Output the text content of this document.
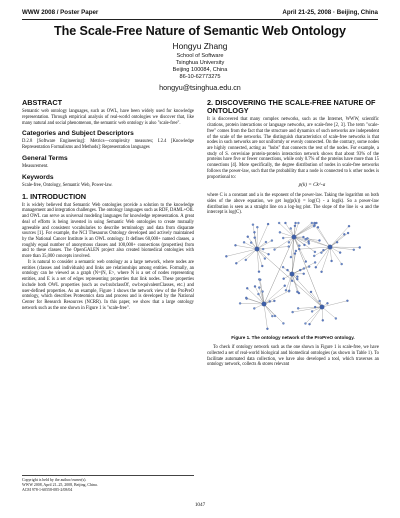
WWW 2008 / Poster Paper	April 21-25, 2008 · Beijing, China
The Scale-Free Nature of Semantic Web Ontology
Hongyu Zhang
School of Software
Tsinghua University
Beijing 100084, China
86-10-62773275
hongyu@tsinghua.edu.cn
ABSTRACT

Semantic web ontology languages, such as OWL, have been widely used for knowledge representation. Through empirical analysis of real-world ontologies we discover that, like many natural and social phenomenon, the semantic web ontology is also "scale-free".

Categories and Subject Descriptors

D.2.8 [Software Engineering]: Metrics—complexity measures; I.2.4 [Knowledge Representation Formalisms and Methods]: Representation languages

General Terms

Measurement.

Keywords

Scale-free, Ontology, Semantic Web, Power-law.

1. INTRODUCTION

It is widely believed that Semantic Web ontologies provide a solution to the knowledge management and integration challenges. The ontology languages such as RDF, DAML+OIL and OWL can serve as universal modeling languages for knowledge representation. A great deal of efforts is being invested in using Semantic Web ontologies to create mutually agreeable and consistent vocabularies to describe terminology and data from disparate sources [1]. For example, the NCI Thesaurus Ontology developed and actively maintained by the National Cancer Institute is an OWL ontology. It defines 60,000+ named classes, a roughly equal number of anonymous classes and 100,000+ connections (properties) from and to these classes. The OpenGALEN project also created biomedical ontologies with more than 35,000 concepts involved.

It is natural to consider a semantic web ontology as a large network, where nodes are entities (classes and individuals) and links are relationships among entities. Formally, an ontology can be viewed as a graph (N=(N, E>, where N is a set of nodes representing entities, and E is a set of edges representing properties that link nodes. These properties include both OWL properties (such as owl:subclassOf, owl:equivalentClasses, etc.) and user-defined properties. As an example, Figure 1 shows the network view of the ProPreO ontology, which describes Proteomics data and process and is developed by the National Center for Research Resources (NCRR). In this paper, we show that a large ontology network such as the one shown in Figure 1 is "scale-free".

Copyright is held by the author/owner(s).

WWW 2008, April 21–25, 2008, Beijing, China.

ACM 978-1-60558-085-2/08/04

2. DISCOVERING THE SCALE-FREE NATURE OF ONTOLOGY

It is discovered that many complex networks, such as the Internet, WWW, scientific citations, protein interactions or language networks, are scale-free [2, 3]. The term "scale-free" comes from the fact that the structure and dynamics of such networks are independent of the scale of the networks. The distinguish characteristics of scale-free networks is that nodes in such networks are not uniformly or evenly connected. On the contrary, some nodes are highly connected, acting as "hubs" that connects the rest of the nodes. For example, a study of S. cerevisiae protein-protein interaction network shows that about 93% of the proteins have five or fewer connections, while only 0.7% of the proteins have more than 15 connections [4]. More specifically, the degree distribution of nodes in scale-free networks follows the power-law, such that the probability that a node is connected to k other nodes is proportional to:

p(k) = Ck^-a

where C is a constant and a is the exponent of the power-law. Taking the logarithm on both sides of the above equation, we get log(p(k)) = log(C) - a log(k). So a power-law distribution is seen as a straight line on a log-log plot. The slope of the line is -a and the intercept is log(C).

Figure 1. The ontology network of the ProPreO ontology.

To check if ontology network such as the one shown in Figure 1 is scale-free, we have collected a set of real-world biological and biomedical ontologies (as shown in Table 1). To facilitate automated data collection, we have also developed a tool, which traverses an ontology network, collects & stores relevant

1047
